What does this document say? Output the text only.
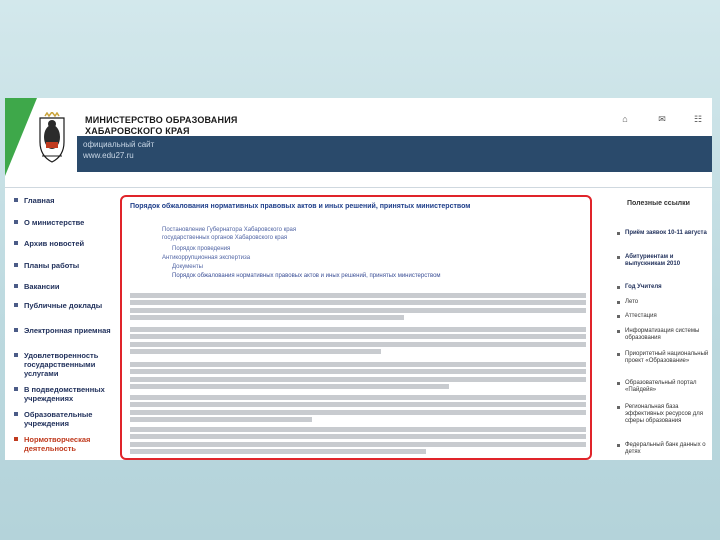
МИНИСТЕРСТВО ОБРАЗОВАНИЯ
ХАБАРОВСКОГО КРАЯ
⌂	✉	☷
официальный сайт
www.edu27.ru
Главная
О министерстве
Архив новостей
Планы работы
Вакансии
Публичные доклады
Электронная приемная
Удовлетворенность государственными услугами
В подведомственных учреждениях
Образовательные учреждения
Нормотворческая деятельность
Порядок обжалования нормативных правовых актов и иных решений, принятых министерством
Постановление Губернатора Хабаровского края
государственных органов Хабаровского края
Порядок проведения
Антикоррупционная экспертиза
Документы
Порядок обжалования нормативных правовых актов и иных решений, принятых министерством
Полезные ссылки
Приём заявок 10-11 августа
Абитуриентам и выпускникам 2010
Год Учителя
Лето
Аттестация
Информатизация системы образования
Приоритетный национальный проект «Образование»
Образовательный портал «Пайдейя»
Региональная база эффективных ресурсов для сферы образования
Федеральный банк данных о детях
